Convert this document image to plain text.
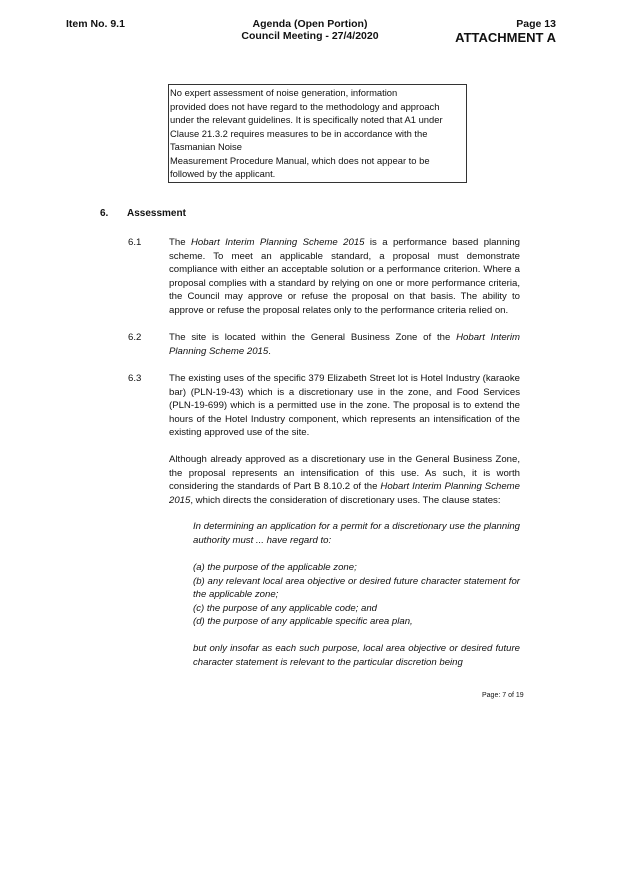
Item No. 9.1	Agenda (Open Portion)
Council Meeting - 27/4/2020
Page 13
ATTACHMENT A
No expert assessment of noise generation, information
provided does not have regard to the methodology and approach
under the relevant guidelines. It is specifically noted that A1 under
Clause 21.3.2 requires measures to be in accordance with the
Tasmanian Noise
Measurement Procedure Manual, which does not appear to be
followed by the applicant.
6. Assessment
6.1	The Hobart Interim Planning Scheme 2015 is a performance based planning scheme. To meet an applicable standard, a proposal must demonstrate compliance with either an acceptable solution or a performance criterion. Where a proposal complies with a standard by relying on one or more performance criteria, the Council may approve or refuse the proposal on that basis. The ability to approve or refuse the proposal relates only to the performance criteria relied on.
6.2	The site is located within the General Business Zone of the Hobart Interim Planning Scheme 2015.
6.3	The existing uses of the specific 379 Elizabeth Street lot is Hotel Industry (karaoke bar) (PLN-19-43) which is a discretionary use in the zone, and Food Services (PLN-19-699) which is a permitted use in the zone. The proposal is to extend the hours of the Hotel Industry component, which represents an intensification of the existing approved use of the site.
Although already approved as a discretionary use in the General Business Zone, the proposal represents an intensification of this use. As such, it is worth considering the standards of Part B 8.10.2 of the Hobart Interim Planning Scheme 2015, which directs the consideration of discretionary uses. The clause states:
In determining an application for a permit for a discretionary use the planning authority must ... have regard to:
(a) the purpose of the applicable zone;
(b) any relevant local area objective or desired future character statement for the applicable zone;
(c) the purpose of any applicable code; and
(d) the purpose of any applicable specific area plan,
but only insofar as each such purpose, local area objective or desired future character statement is relevant to the particular discretion being
Page: 7 of 19
